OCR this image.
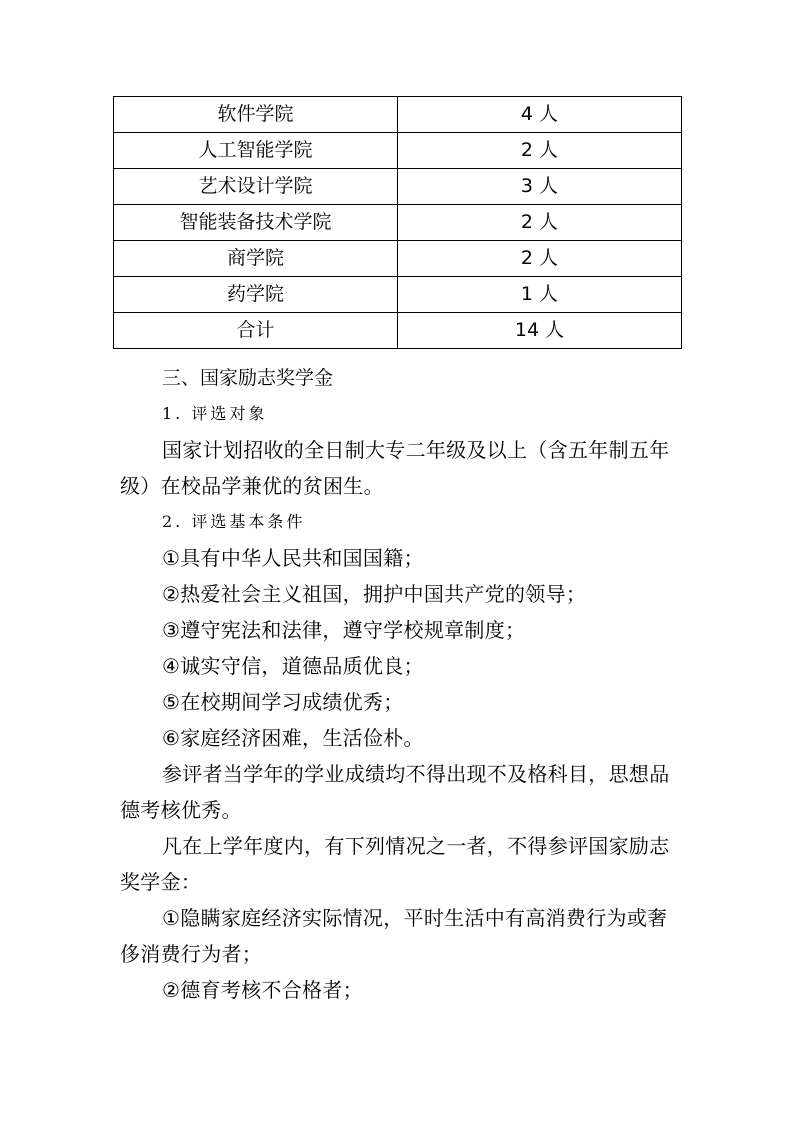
软件学院	4 人
人工智能学院	2 人
艺术设计学院	3 人
智能装备技术学院	2 人
商学院	2 人
药学院	1 人
合计	14 人

三、国家励志奖学金

1. 评选对象

国家计划招收的全日制大专二年级及以上（含五年制五年级）在校品学兼优的贫困生。

2. 评选基本条件

①具有中华人民共和国国籍；

②热爱社会主义祖国，拥护中国共产党的领导；

③遵守宪法和法律，遵守学校规章制度；

④诚实守信，道德品质优良；

⑤在校期间学习成绩优秀；

⑥家庭经济困难，生活俭朴。

参评者当学年的学业成绩均不得出现不及格科目，思想品德考核优秀。

凡在上学年度内，有下列情况之一者，不得参评国家励志奖学金：

①隐瞒家庭经济实际情况，平时生活中有高消费行为或奢侈消费行为者；

②德育考核不合格者；
